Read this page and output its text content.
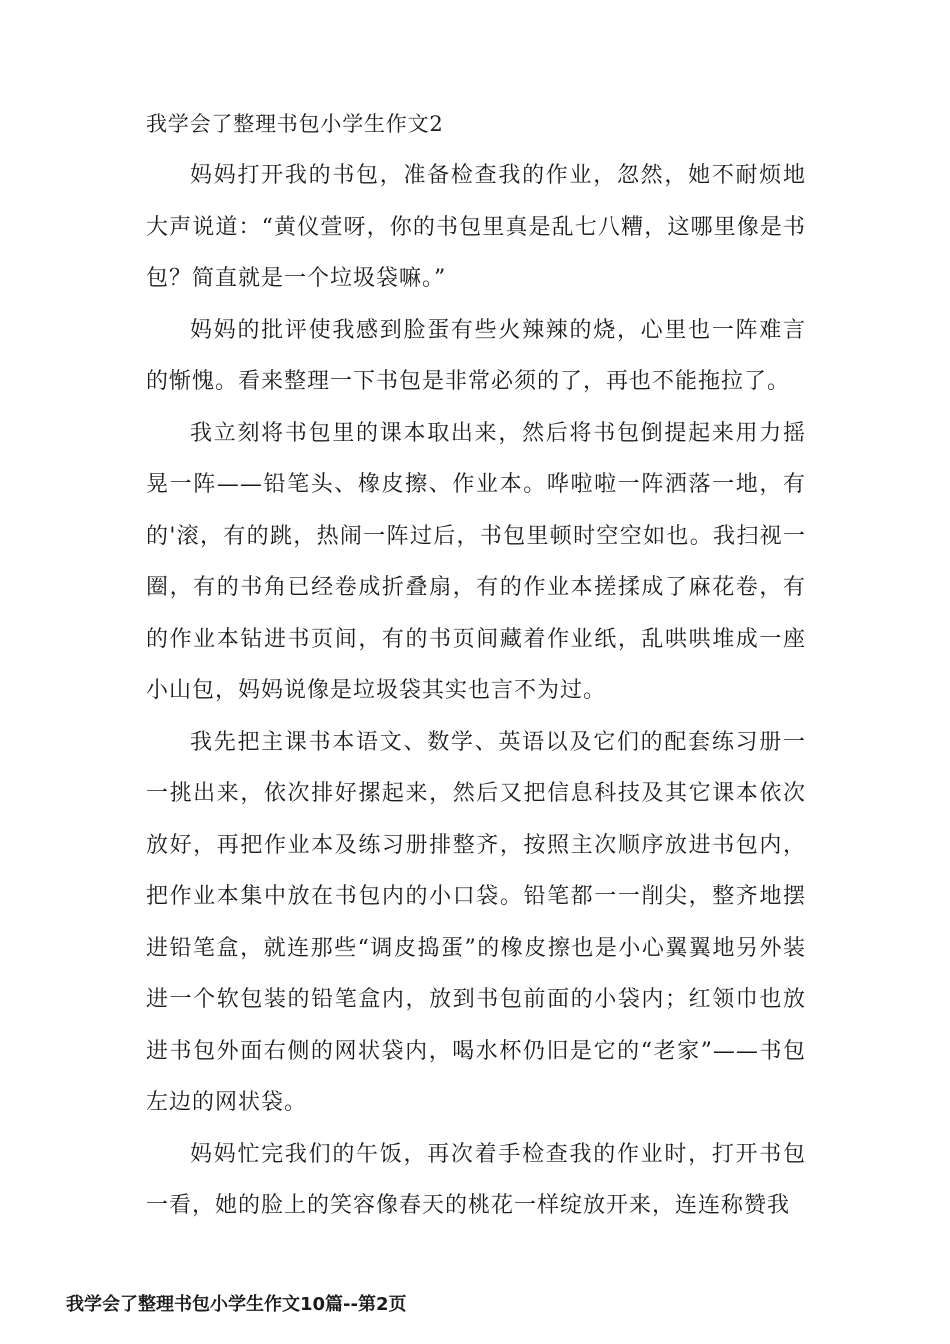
我学会了整理书包小学生作文2

妈妈打开我的书包，准备检查我的作业，忽然，她不耐烦地大声说道：“黄仪萱呀，你的书包里真是乱七八糟，这哪里像是书包？简直就是一个垃圾袋嘛。”

妈妈的批评使我感到脸蛋有些火辣辣的烧，心里也一阵难言的惭愧。看来整理一下书包是非常必须的了，再也不能拖拉了。

我立刻将书包里的课本取出来，然后将书包倒提起来用力摇晃一阵——铅笔头、橡皮擦、作业本。哗啦啦一阵洒落一地，有的'滚，有的跳，热闹一阵过后，书包里顿时空空如也。我扫视一圈，有的书角已经卷成折叠扇，有的作业本搓揉成了麻花卷，有的作业本钻进书页间，有的书页间藏着作业纸，乱哄哄堆成一座小山包，妈妈说像是垃圾袋其实也言不为过。

我先把主课书本语文、数学、英语以及它们的配套练习册一一挑出来，依次排好摞起来，然后又把信息科技及其它课本依次放好，再把作业本及练习册排整齐，按照主次顺序放进书包内，把作业本集中放在书包内的小口袋。铅笔都一一削尖，整齐地摆进铅笔盒，就连那些“调皮捣蛋”的橡皮擦也是小心翼翼地另外装进一个软包装的铅笔盒内，放到书包前面的小袋内；红领巾也放进书包外面右侧的网状袋内，喝水杯仍旧是它的“老家”——书包左边的网状袋。

妈妈忙完我们的午饭，再次着手检查我的作业时，打开书包一看，她的脸上的笑容像春天的桃花一样绽放开来，连连称赞我

我学会了整理书包小学生作文10篇--第2页
